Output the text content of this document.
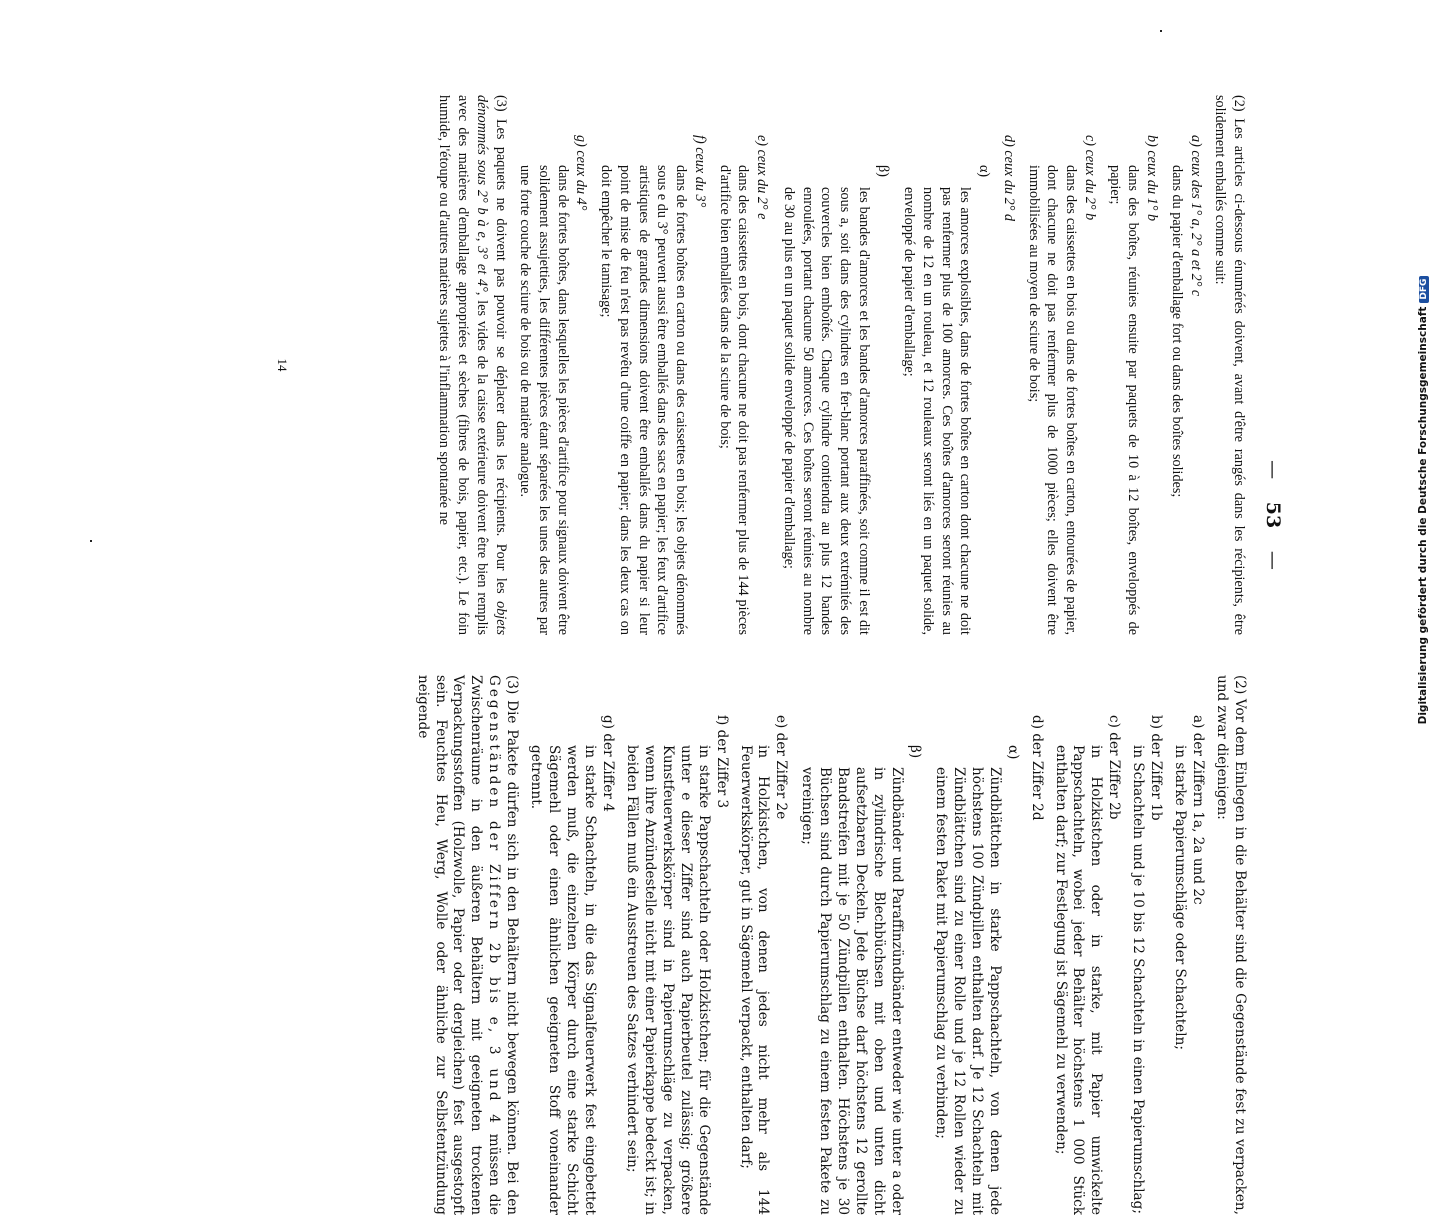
— 53 —

(2) Les articles ci-dessous énumérés doivent, avant d'être rangés dans les récipients, être solidement emballés comme suit:

a) ceux des 1° a, 2° a et 2° c
dans du papier d'emballage fort ou dans des boîtes solides;
b) ceux du 1° b
dans des boîtes, réunies ensuite par paquets de 10 à 12 boîtes, enveloppés de papier;
c) ceux du 2° b
dans des caissettes en bois ou dans de fortes boîtes en carton, entourées de papier, dont chacune ne doit pas renfermer plus de 1000 pièces; elles doivent être immobilisées au moyen de sciure de bois;
d) ceux du 2° d
α)
les amorces explosibles, dans de fortes boîtes en carton dont chacune ne doit pas renfermer plus de 100 amorces. Ces boîtes d'amorces seront réunies au nombre de 12 en un rouleau, et 12 rouleaux seront liés en un paquet solide, enveloppé de papier d'emballage;
β)
les bandes d'amorces et les bandes d'amorces paraffinées, soit comme il est dit sous a, soit dans des cylindres en fer-blanc portant aux deux extrémités des couvercles bien emboîtés. Chaque cylindre contiendra au plus 12 bandes enroulées, portant chacune 50 amorces. Ces boîtes seront réunies au nombre de 30 au plus en un paquet solide enveloppé de papier d'emballage;
e) ceux du 2° e
dans des caissettes en bois, dont chacune ne doit pas renfermer plus de 144 pièces d'artifice bien emballées dans de la sciure de bois;
f) ceux du 3°
dans de fortes boîtes en carton ou dans des caissettes en bois; les objets dénommés sous e du 3° peuvent aussi être emballés dans des sacs en papier; les feux d'artifice artistiques de grandes dimensions doivent être emballés dans du papier si leur point de mise de feu n'est pas revêtu d'une coiffe en papier; dans les deux cas on doit empêcher le tamisage;
g) ceux du 4°
dans de fortes boîtes, dans lesquelles les pièces d'artifice pour signaux doivent être solidement assujetties, les différentes pièces étant séparées les unes des autres par une forte couche de sciure de bois ou de matière analogue.

(3) Les paquets ne doivent pas pouvoir se déplacer dans les récipients. Pour les objets dénommés sous 2° b à e, 3° et 4°, les vides de la caisse extérieure doivent être bien remplis avec des matières d'emballage appropriées et sèches (fibres de bois, papier, etc.). Le foin humide, l'étoupe ou d'autres matières sujettes à l'inflammation spontanée ne

14

(2) Vor dem Einlegen in die Behälter sind die Gegenstände fest zu verpacken, und zwar diejenigen:

a) der Ziffern 1a, 2a und 2c
in starke Papierumschläge oder Schachteln;
b) der Ziffer 1b
in Schachteln und je 10 bis 12 Schachteln in einen Papierumschlag;
c) der Ziffer 2b
in Holzkistchen oder in starke, mit Papier umwickelte Pappschachteln, wobei jeder Behälter höchstens 1 000 Stück enthalten darf; zur Festlegung ist Sägemehl zu verwenden;
d) der Ziffer 2d
α)
Zündblättchen in starke Pappschachteln, von denen jede höchstens 100 Zündpillen enthalten darf. Je 12 Schachteln mit Zündblättchen sind zu einer Rolle und je 12 Rollen wieder zu einem festen Paket mit Papierumschlag zu verbinden;
β)
Zündbänder und Paraffinzündbänder entweder wie unter a oder in zylindrische Blechbüchsen mit oben und unten dicht aufsetzbaren Deckeln. Jede Büchse darf höchstens 12 gerollte Bandstreifen mit je 50 Zündpillen enthalten. Höchstens je 30 Büchsen sind durch Papierumschlag zu einem festen Pakete zu vereinigen;
e) der Ziffer 2e
in Holzkistchen, von denen jedes nicht mehr als 144 Feuerwerkskörper, gut in Sägemehl verpackt, enthalten darf;
f) der Ziffer 3
in starke Pappschachteln oder Holzkistchen; für die Gegenstände unter e dieser Ziffer sind auch Papierbeutel zulässig; größere Kunstfeuerwerkskörper sind in Papierumschläge zu verpacken, wenn ihre Anzündestelle nicht mit einer Papierkappe bedeckt ist; in beiden Fällen muß ein Ausstreuen des Satzes verhindert sein;
g) der Ziffer 4
in starke Schachteln, in die das Signalfeuerwerk fest eingebettet werden muß, die einzelnen Körper durch eine starke Schicht Sägemehl oder einen ähnlichen geeigneten Stoff voneinander getrennt.

(3) Die Pakete dürfen sich in den Behältern nicht bewegen können. Bei den Gegenständen der Ziffern 2b bis e, 3 und 4 müssen die Zwischenräume in den äußeren Behältern mit geeigneten trockenen Verpackungsstoffen (Holzwolle, Papier oder dergleichen) fest ausgestopft sein. Feuchtes Heu, Werg, Wolle oder ähnliche zur Selbstentzündung neigende	Digitalisierung gefördert durch die Deutsche ForschungsgemeinschaftDFG
